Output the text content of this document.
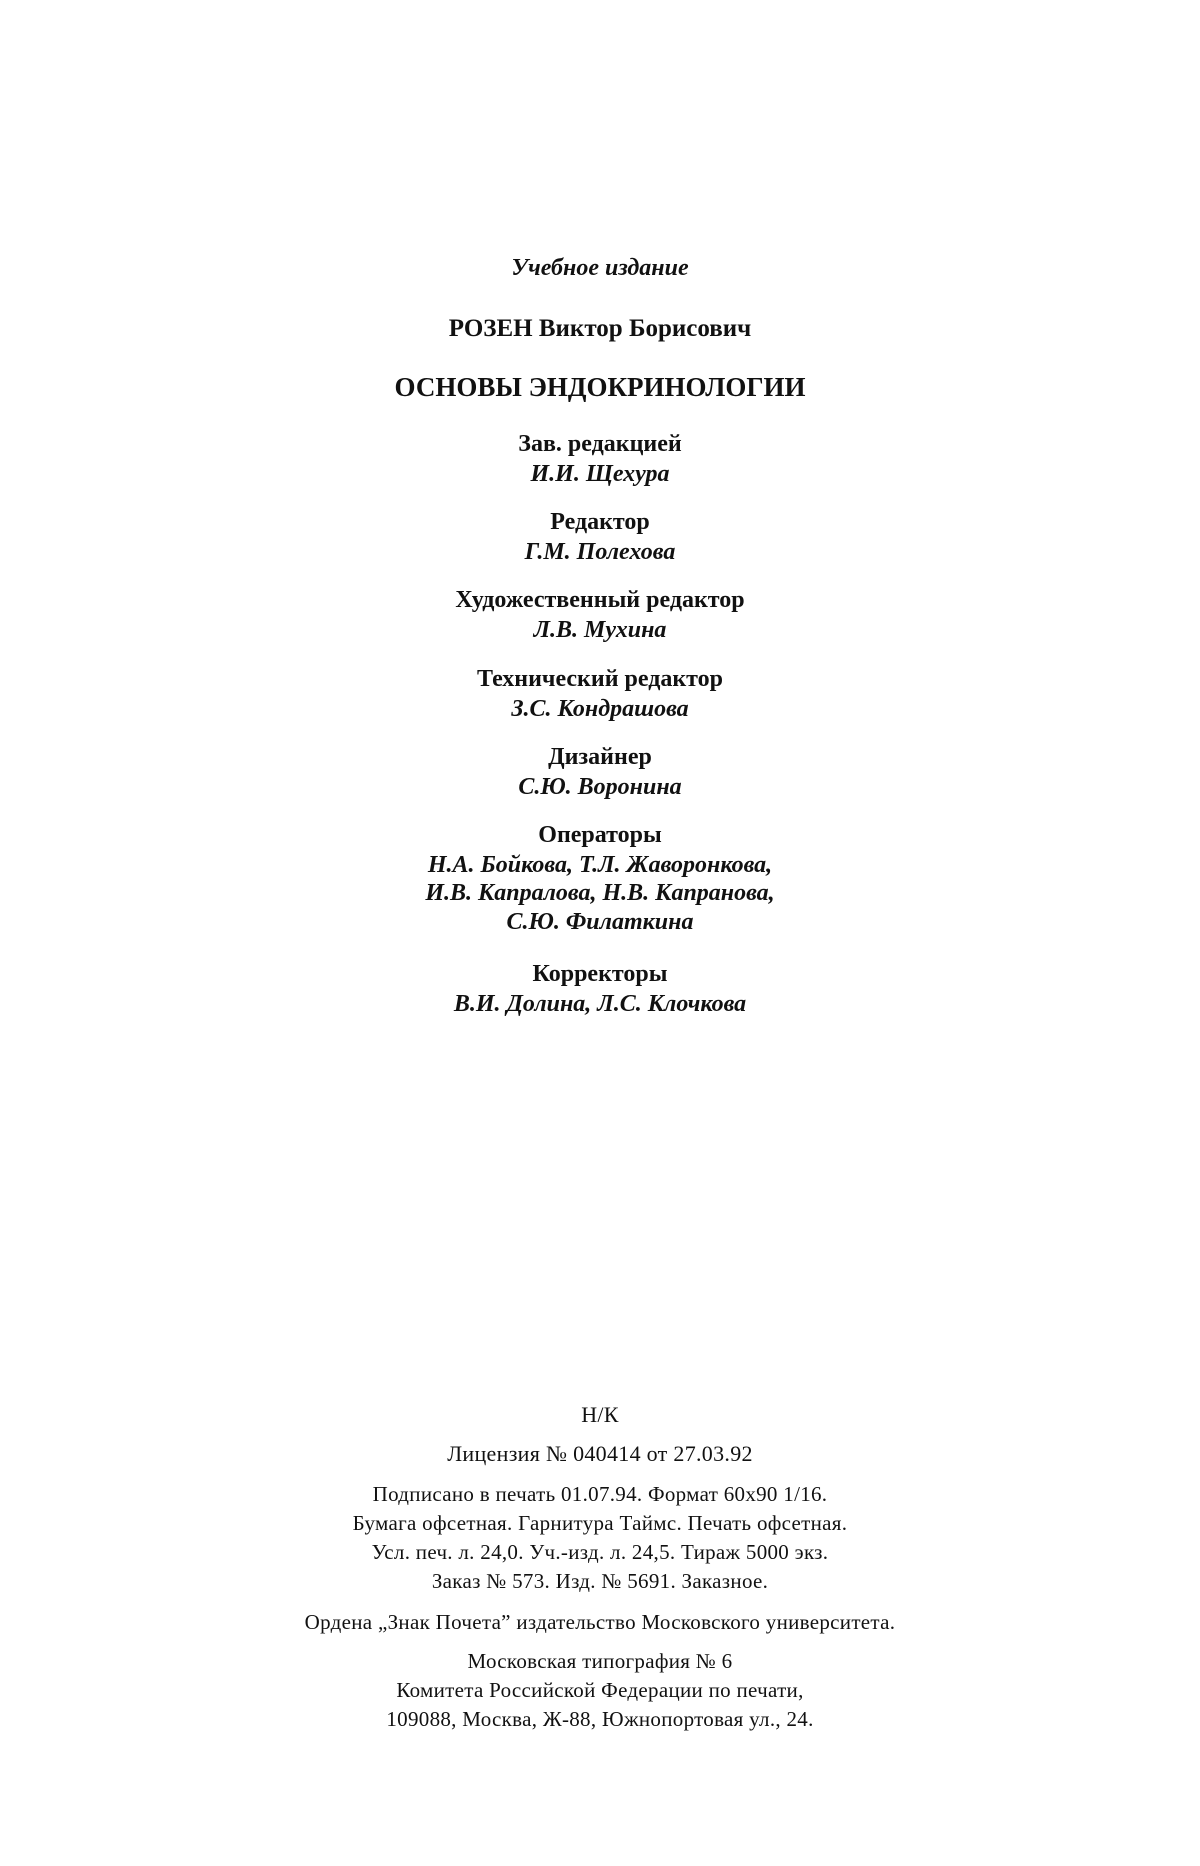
Учебное издание
РОЗЕН Виктор Борисович
ОСНОВЫ ЭНДОКРИНОЛОГИИ
Зав. редакцией
И.И. Щехура
Редактор
Г.М. Полехова
Художественный редактор
Л.В. Мухина
Технический редактор
З.С. Кондрашова
Дизайнер
С.Ю. Воронина
Операторы
Н.А. Бойкова, Т.Л. Жаворонкова,
И.В. Капралова, Н.В. Капранова,
С.Ю. Филаткина
Корректоры
В.И. Долина, Л.С. Клочкова
Н/К
Лицензия № 040414 от 27.03.92
Подписано в печать 01.07.94. Формат 60x90 1/16.
Бумага офсетная. Гарнитура Таймс. Печать офсетная.
Усл. печ. л. 24,0. Уч.-изд. л. 24,5. Тираж 5000 экз.
Заказ № 573. Изд. № 5691. Заказное.
Ордена „Знак Почета” издательство Московского университета.
Московская типография № 6
Комитета Российской Федерации по печати,
109088, Москва, Ж-88, Южнопортовая ул., 24.
